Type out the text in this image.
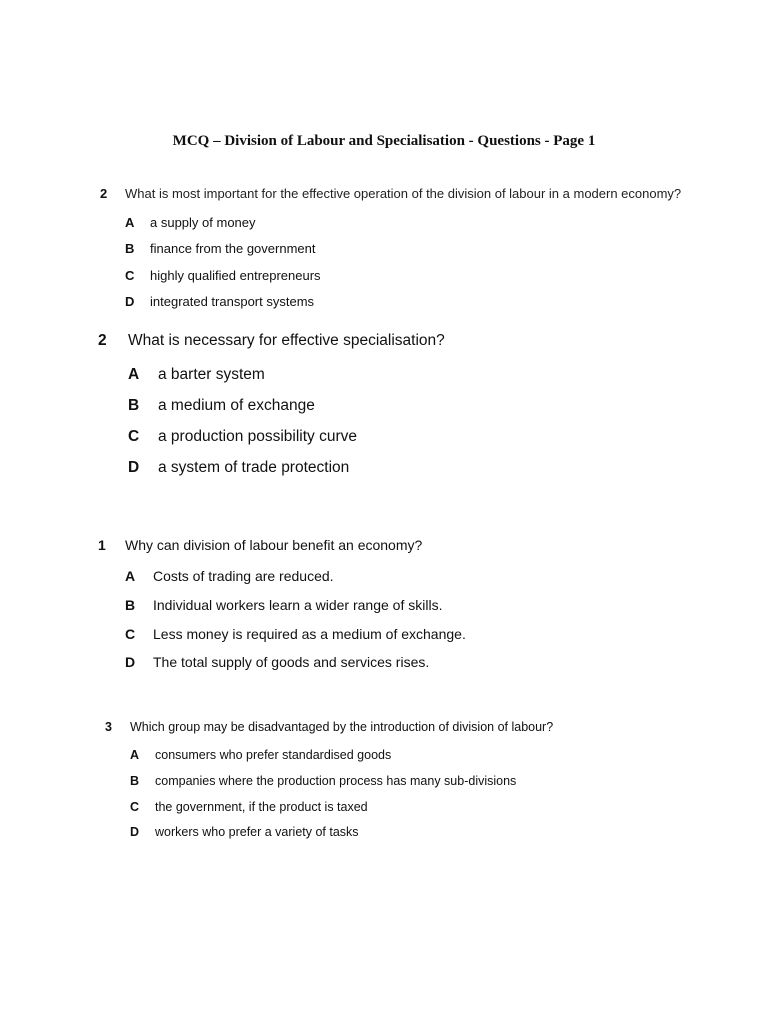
MCQ – Division of Labour and Specialisation - Questions - Page 1
2 What is most important for the effective operation of the division of labour in a modern economy?
A a supply of money
B finance from the government
C highly qualified entrepreneurs
D integrated transport systems
2 What is necessary for effective specialisation?
A a barter system
B a medium of exchange
C a production possibility curve
D a system of trade protection
1 Why can division of labour benefit an economy?
A Costs of trading are reduced.
B Individual workers learn a wider range of skills.
C Less money is required as a medium of exchange.
D The total supply of goods and services rises.
3 Which group may be disadvantaged by the introduction of division of labour?
A consumers who prefer standardised goods
B companies where the production process has many sub-divisions
C the government, if the product is taxed
D workers who prefer a variety of tasks
